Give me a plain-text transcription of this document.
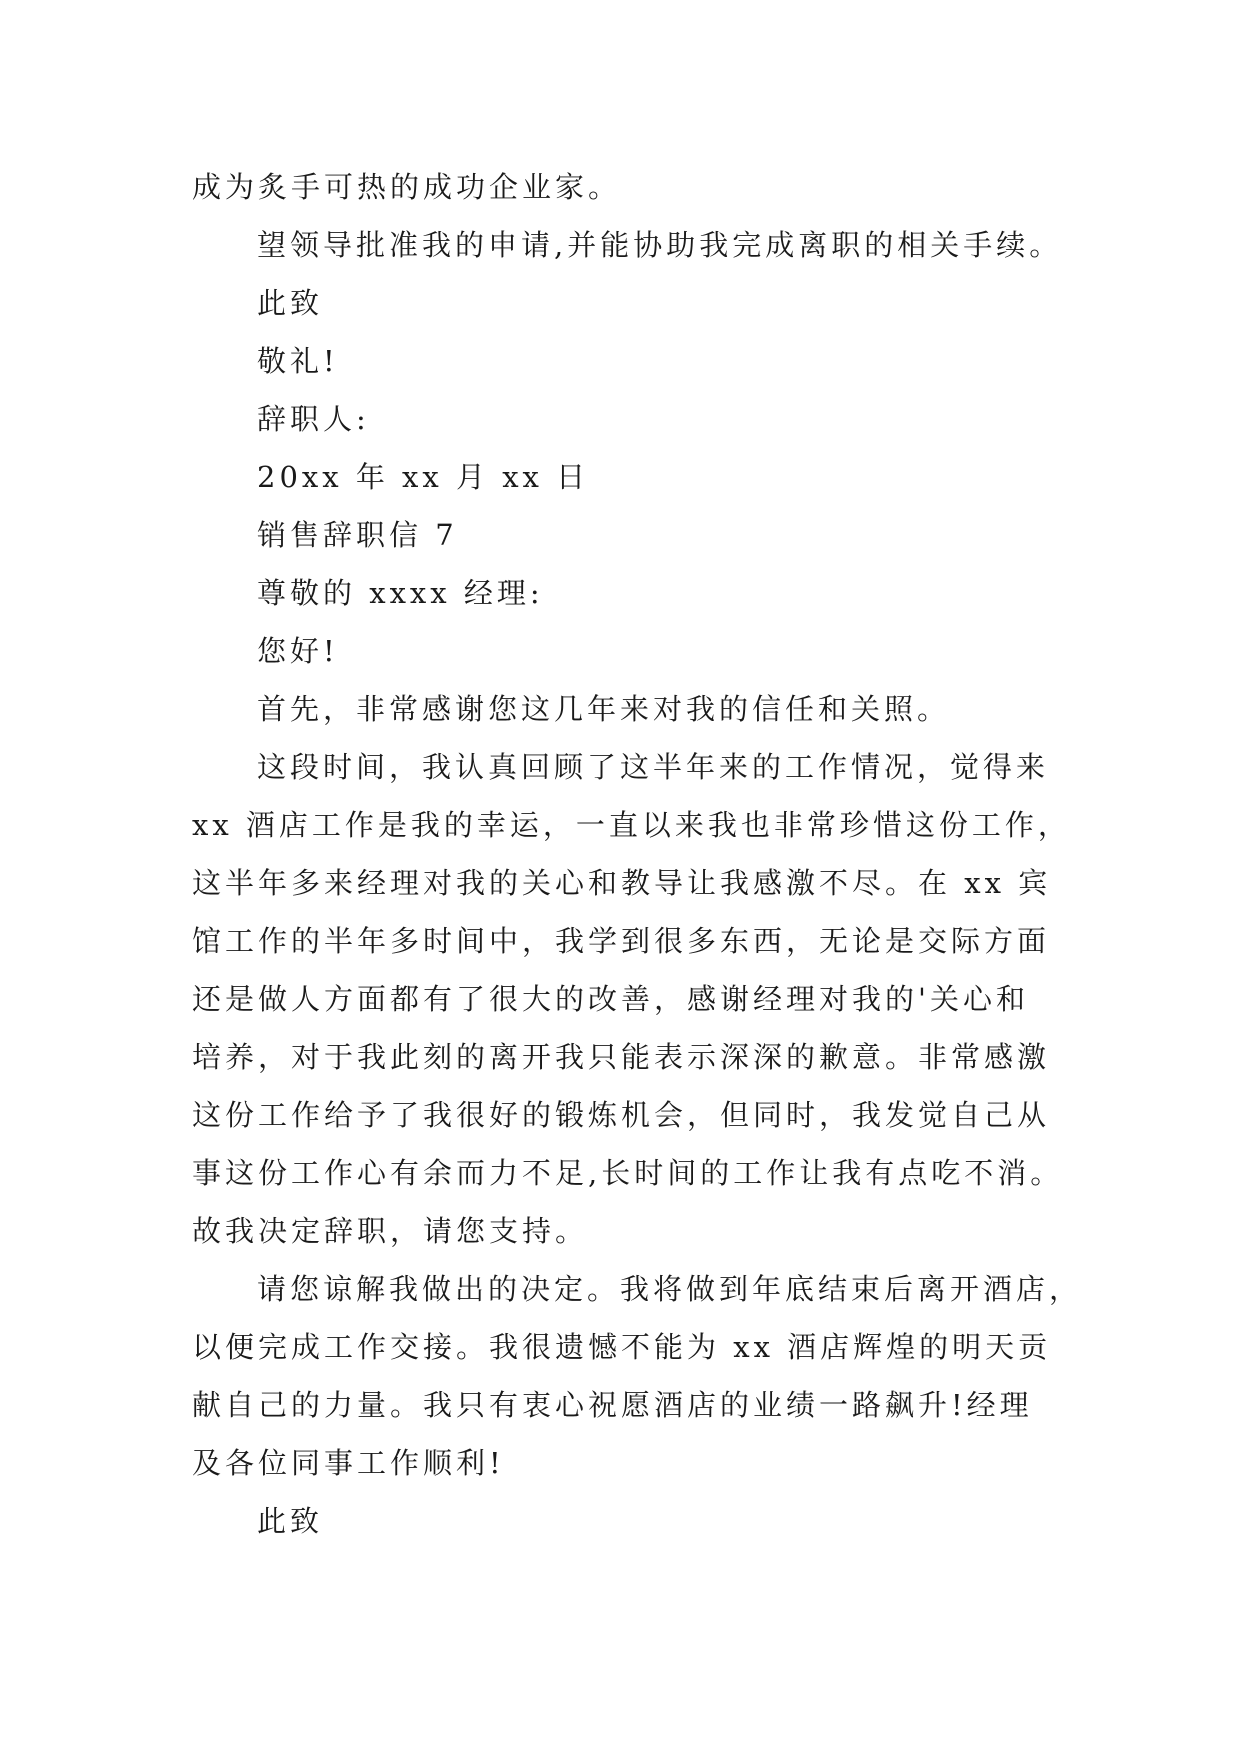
成为炙手可热的成功企业家。
望领导批准我的申请,并能协助我完成离职的相关手续。
此致
敬礼!
辞职人:
20xx 年 xx 月 xx 日
销售辞职信 7
尊敬的 xxxx 经理:
您好!
首先，非常感谢您这几年来对我的信任和关照。
这段时间，我认真回顾了这半年来的工作情况，觉得来
xx 酒店工作是我的幸运，一直以来我也非常珍惜这份工作，
这半年多来经理对我的关心和教导让我感激不尽。在 xx 宾
馆工作的半年多时间中，我学到很多东西，无论是交际方面
还是做人方面都有了很大的改善，感谢经理对我的'关心和
培养，对于我此刻的离开我只能表示深深的歉意。非常感激
这份工作给予了我很好的锻炼机会，但同时，我发觉自己从
事这份工作心有余而力不足,长时间的工作让我有点吃不消。
故我决定辞职，请您支持。
请您谅解我做出的决定。我将做到年底结束后离开酒店，
以便完成工作交接。我很遗憾不能为 xx 酒店辉煌的明天贡
献自己的力量。我只有衷心祝愿酒店的业绩一路飙升!经理
及各位同事工作顺利!
此致
